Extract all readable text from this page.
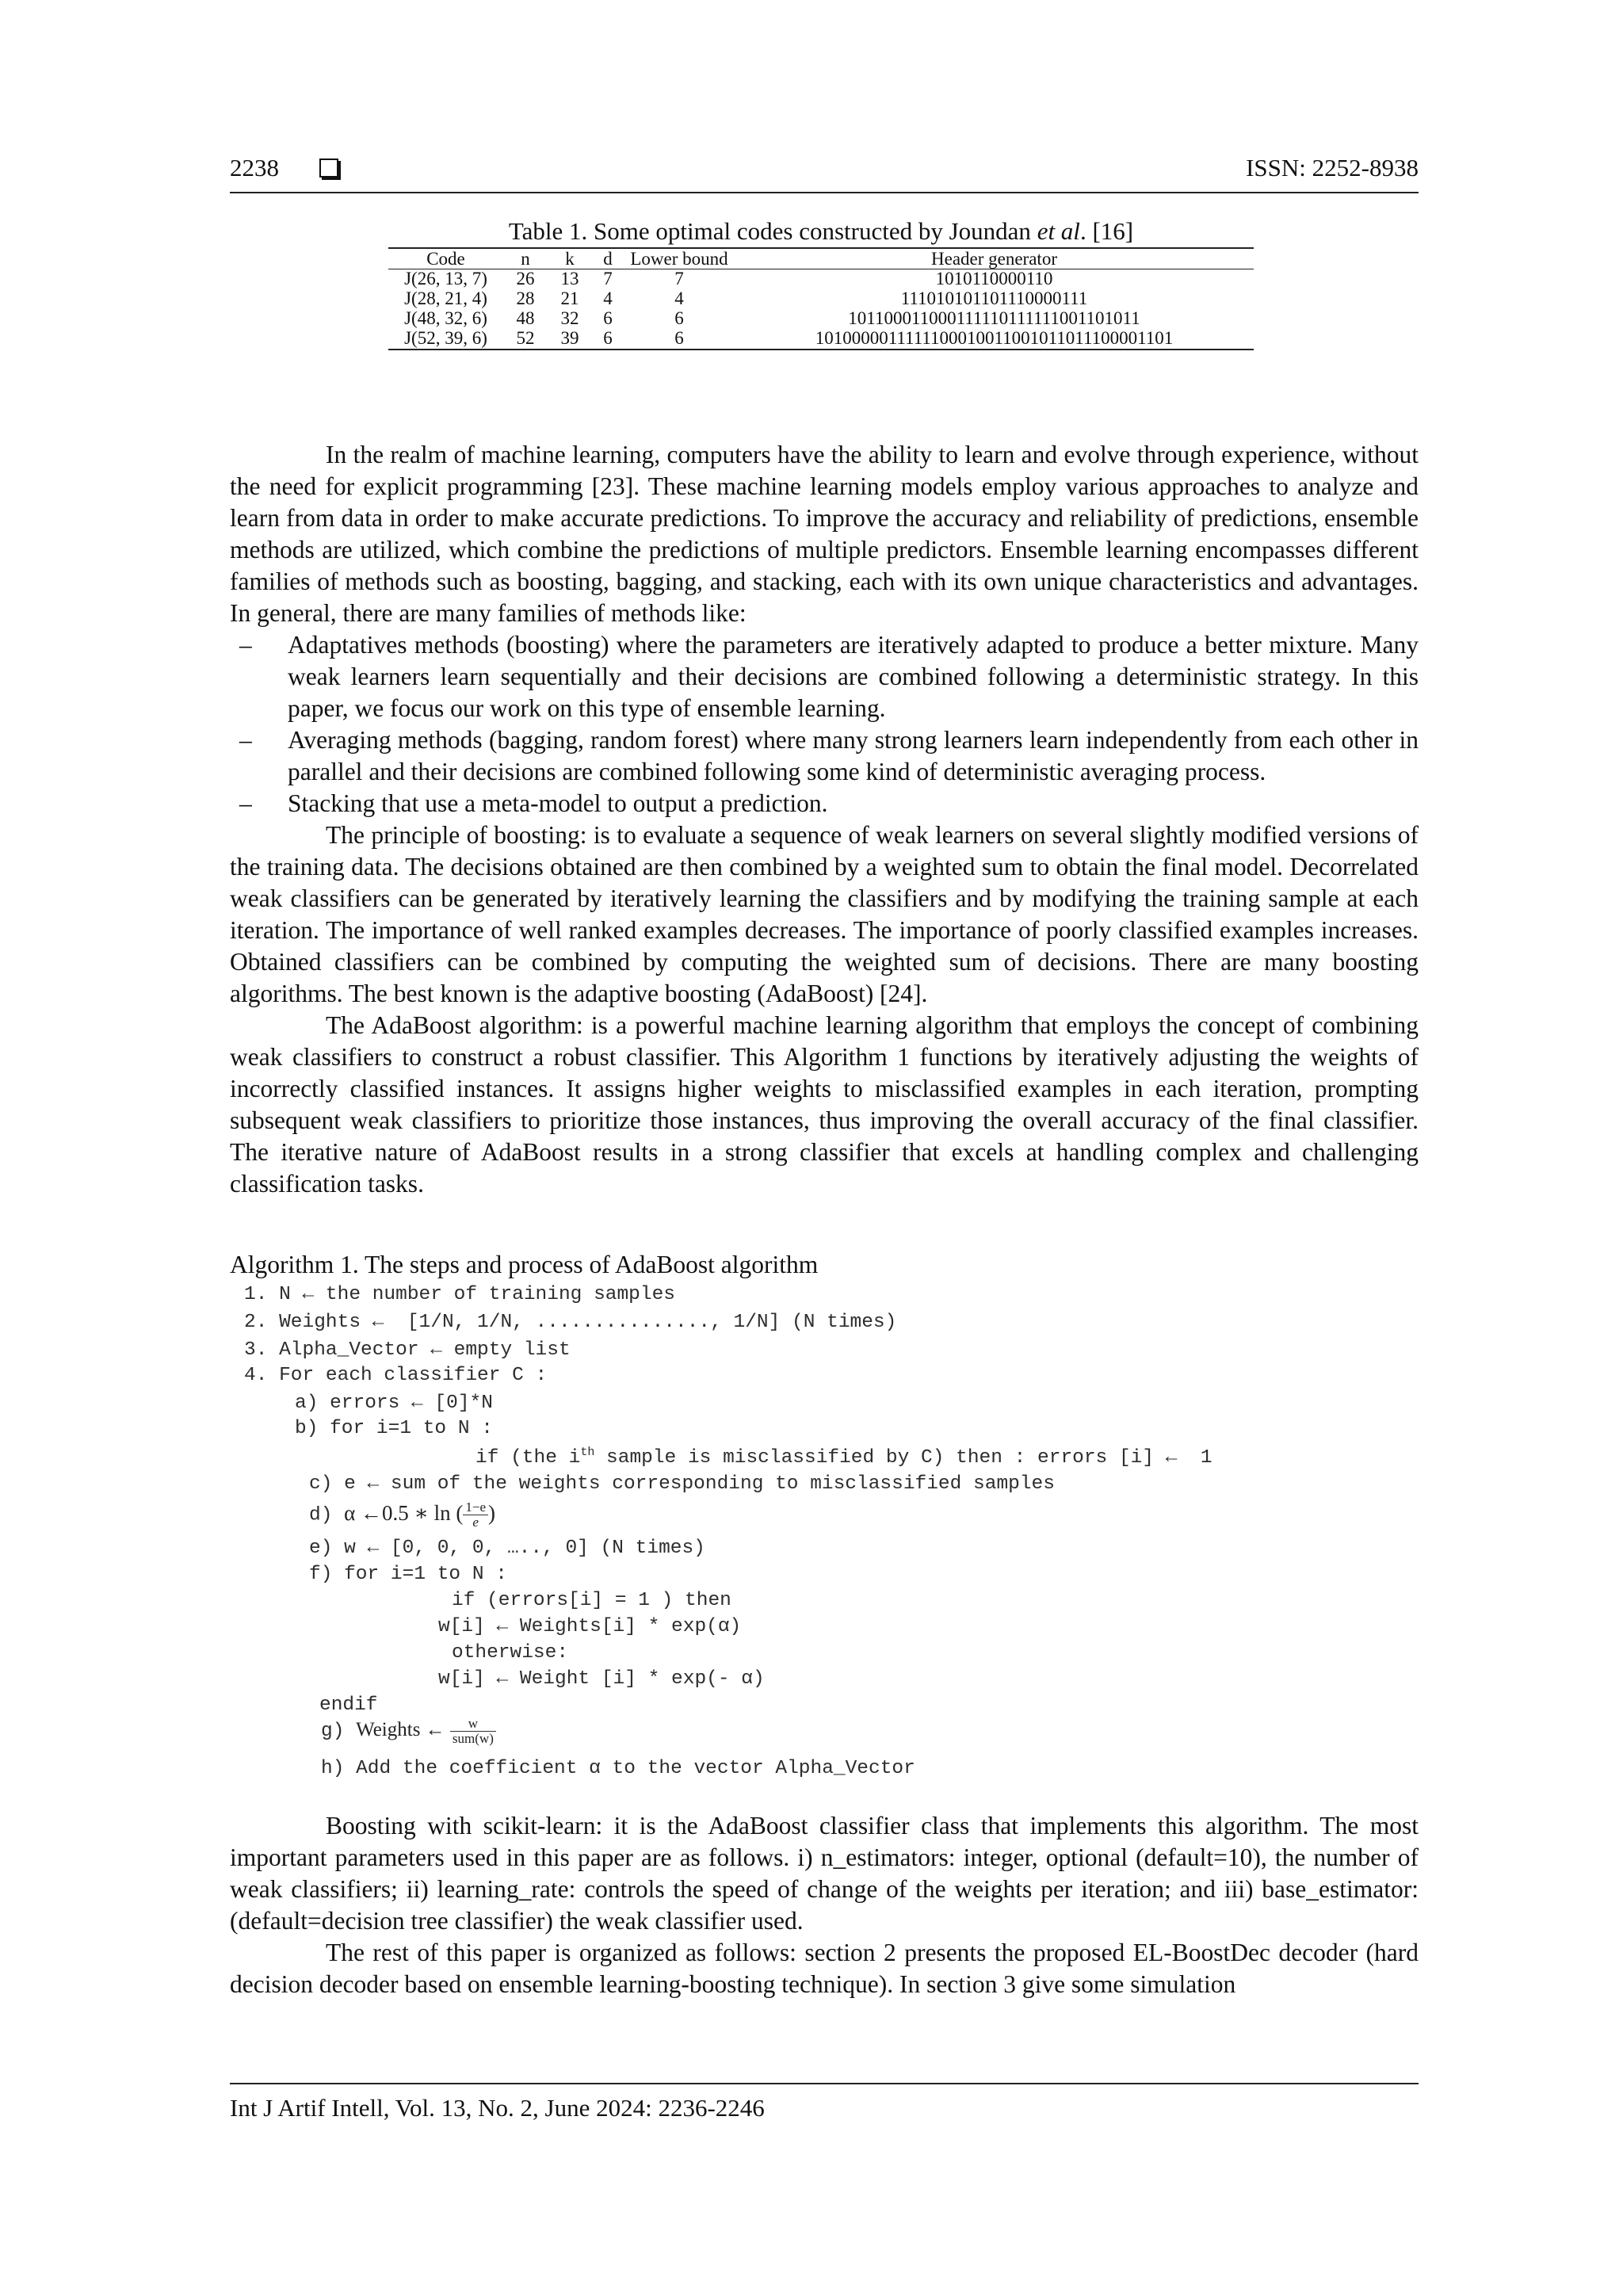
2238	ISSN: 2252-8938
Table 1. Some optimal codes constructed by Joundan et al. [16]
Code	n	k	d	Lower bound	Header generator
J(26, 13, 7)	26	13	7	7	1010110000110
J(28, 21, 4)	28	21	4	4	111010101101110000111
J(48, 32, 6)	48	32	6	6	101100011000111110111111001101011
J(52, 39, 6)	52	39	6	6	1010000011111100010011001011011100001101

In the realm of machine learning, computers have the ability to learn and evolve through experience, without the need for explicit programming [23]. These machine learning models employ various approaches to analyze and learn from data in order to make accurate predictions. To improve the accuracy and reliability of predictions, ensemble methods are utilized, which combine the predictions of multiple predictors. Ensemble learning encompasses different families of methods such as boosting, bagging, and stacking, each with its own unique characteristics and advantages. In general, there are many families of methods like:

– Adaptatives methods (boosting) where the parameters are iteratively adapted to produce a better mixture. Many weak learners learn sequentially and their decisions are combined following a deterministic strategy. In this paper, we focus our work on this type of ensemble learning.
– Averaging methods (bagging, random forest) where many strong learners learn independently from each other in parallel and their decisions are combined following some kind of deterministic averaging process.
– Stacking that use a meta-model to output a prediction.

The principle of boosting: is to evaluate a sequence of weak learners on several slightly modified versions of the training data. The decisions obtained are then combined by a weighted sum to obtain the final model. Decorrelated weak classifiers can be generated by iteratively learning the classifiers and by modifying the training sample at each iteration. The importance of well ranked examples decreases. The importance of poorly classified examples increases. Obtained classifiers can be combined by computing the weighted sum of decisions. There are many boosting algorithms. The best known is the adaptive boosting (AdaBoost) [24].

The AdaBoost algorithm: is a powerful machine learning algorithm that employs the concept of combining weak classifiers to construct a robust classifier. This Algorithm 1 functions by iteratively adjusting the weights of incorrectly classified instances. It assigns higher weights to misclassified examples in each iteration, prompting subsequent weak classifiers to prioritize those instances, thus improving the overall accuracy of the final classifier. The iterative nature of AdaBoost results in a strong classifier that excels at handling complex and challenging classification tasks.

Algorithm 1. The steps and process of AdaBoost algorithm
1. N ← the number of training samples
2. Weights ←  [1/N, 1/N, ..............., 1/N] (N times)
3. Alpha_Vector ← empty list
4. For each classifier C :
a) errors ← [0]*N
b) for i=1 to N :
if (the $i^{th}$ sample is misclassified by C) then : errors [i] ←  1
c) e ← sum of the weights corresponding to misclassified samples
d) α ←0.5 ∗ ln ( $\frac{1-e}{e}$ )
e) w ← [0, 0, 0, ….., 0] (N times)
f) for i=1 to N :
if (errors[i] = 1 ) then
w[i] ← Weights[i] * exp(α)
otherwise:
w[i] ← Weight [i] * exp(- α)
endif
g) Weights ← $\frac{w}{\text{sum(w)}}$
h) Add the coefficient α to the vector Alpha_Vector

Boosting with scikit-learn: it is the AdaBoost classifier class that implements this algorithm. The most important parameters used in this paper are as follows. i) n_estimators: integer, optional (default=10), the number of weak classifiers; ii) learning_rate: controls the speed of change of the weights per iteration; and iii) base_estimator: (default=decision tree classifier) the weak classifier used.

The rest of this paper is organized as follows: section 2 presents the proposed EL-BoostDec decoder (hard decision decoder based on ensemble learning-boosting technique). In section 3 give some simulation

Int J Artif Intell, Vol. 13, No. 2, June 2024: 2236-2246
